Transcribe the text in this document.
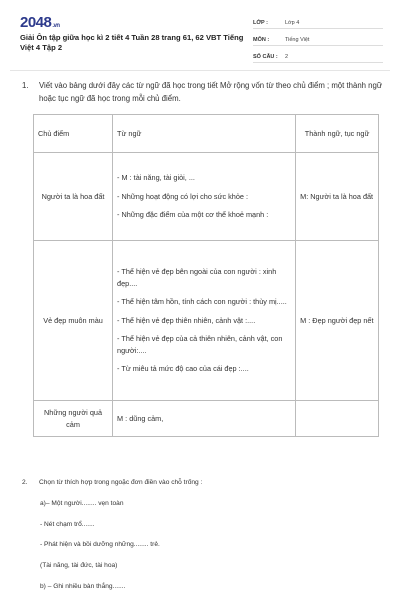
2048.vn
Giải Ôn tập giữa học kì 2 tiết 4 Tuần 28 trang 61, 62 VBT Tiếng Việt 4 Tập 2
LỚP :	Lớp 4
MÔN :	Tiếng Việt
SỐ CÂU :	2
1. Viết vào bảng dưới đây các từ ngữ đã học trong tiết Mở rộng vốn từ theo chủ điểm ; một thành ngữ hoặc tục ngữ đã học trong mỗi chủ điểm.
Chủ điểm	Từ ngữ	Thành ngữ, tục ngữ
Người ta là hoa đất	- M : tài năng, tài giỏi, ...
- Những hoạt động có lợi cho sức khỏe :
- Những đặc điểm của một cơ thể khoẻ mạnh :	M: Người ta là hoa đất
Vẻ đẹp muôn màu	- Thể hiện vẻ đẹp bên ngoài của con người : xinh đẹp....
- Thể hiện tâm hồn, tính cách con người : thùy mị.....
- Thể hiện vẻ đẹp thiên nhiên, cảnh vật :....
- Thể hiện vẻ đẹp của cả thiên nhiên, cảnh vật, con người:....
- Từ miêu tả mức độ cao của cái đẹp :....	M : Đẹp người đẹp nết
Những người quả cảm	M : dũng cảm,	
2. Chọn từ thích hợp trong ngoặc đơn điền vào chỗ trống :
a)– Một người........ vẹn toàn
- Nét chạm trổ.......
- Phát hiện và bồi dưỡng những........ trẻ.
(Tài năng, tài đức, tài hoa)
b) – Ghi nhiều bàn thắng.......
